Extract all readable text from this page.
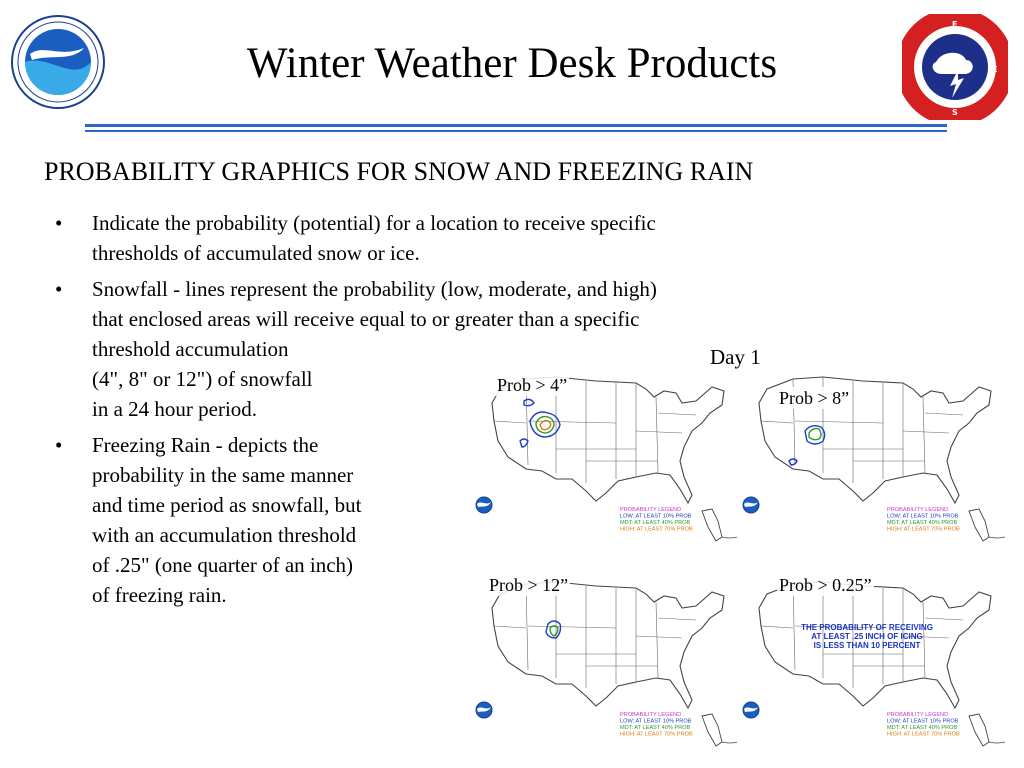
N	E
E
S
Winter Weather Desk Products
PROBABILITY GRAPHICS FOR SNOW AND FREEZING RAIN
• Indicate the probability (potential) for a location to receive specific
thresholds of accumulated snow or ice.
• Snowfall - lines represent the probability (low, moderate, and high)
that enclosed areas will receive equal to or greater than a specific
threshold accumulation
(4", 8" or 12") of snowfall
in a 24 hour period.
• Freezing Rain - depicts the
probability in the same manner
and time period as snowfall, but
with an accumulation threshold
of .25" (one quarter of an inch)
of freezing rain.
PROBABILITY LEGEND
LOW: AT LEAST 10% PROB
MDT: AT LEAST 40% PROB
HIGH: AT LEAST 70% PROB
PROBABILITY LEGEND
LOW: AT LEAST 10% PROB
MDT: AT LEAST 40% PROB
HIGH: AT LEAST 70% PROB
PROBABILITY LEGEND
LOW: AT LEAST 10% PROB
MDT: AT LEAST 40% PROB
HIGH: AT LEAST 70% PROB
PROBABILITY LEGEND
LOW: AT LEAST 10% PROB
MDT: AT LEAST 40% PROB
HIGH: AT LEAST 70% PROB
THE PROBABILITY OF RECEIVING
AT LEAST .25 INCH OF ICING
IS LESS THAN 10 PERCENT
Day 1
Prob > 4”
Prob > 8”
Prob > 12”	Prob > 0.25”
